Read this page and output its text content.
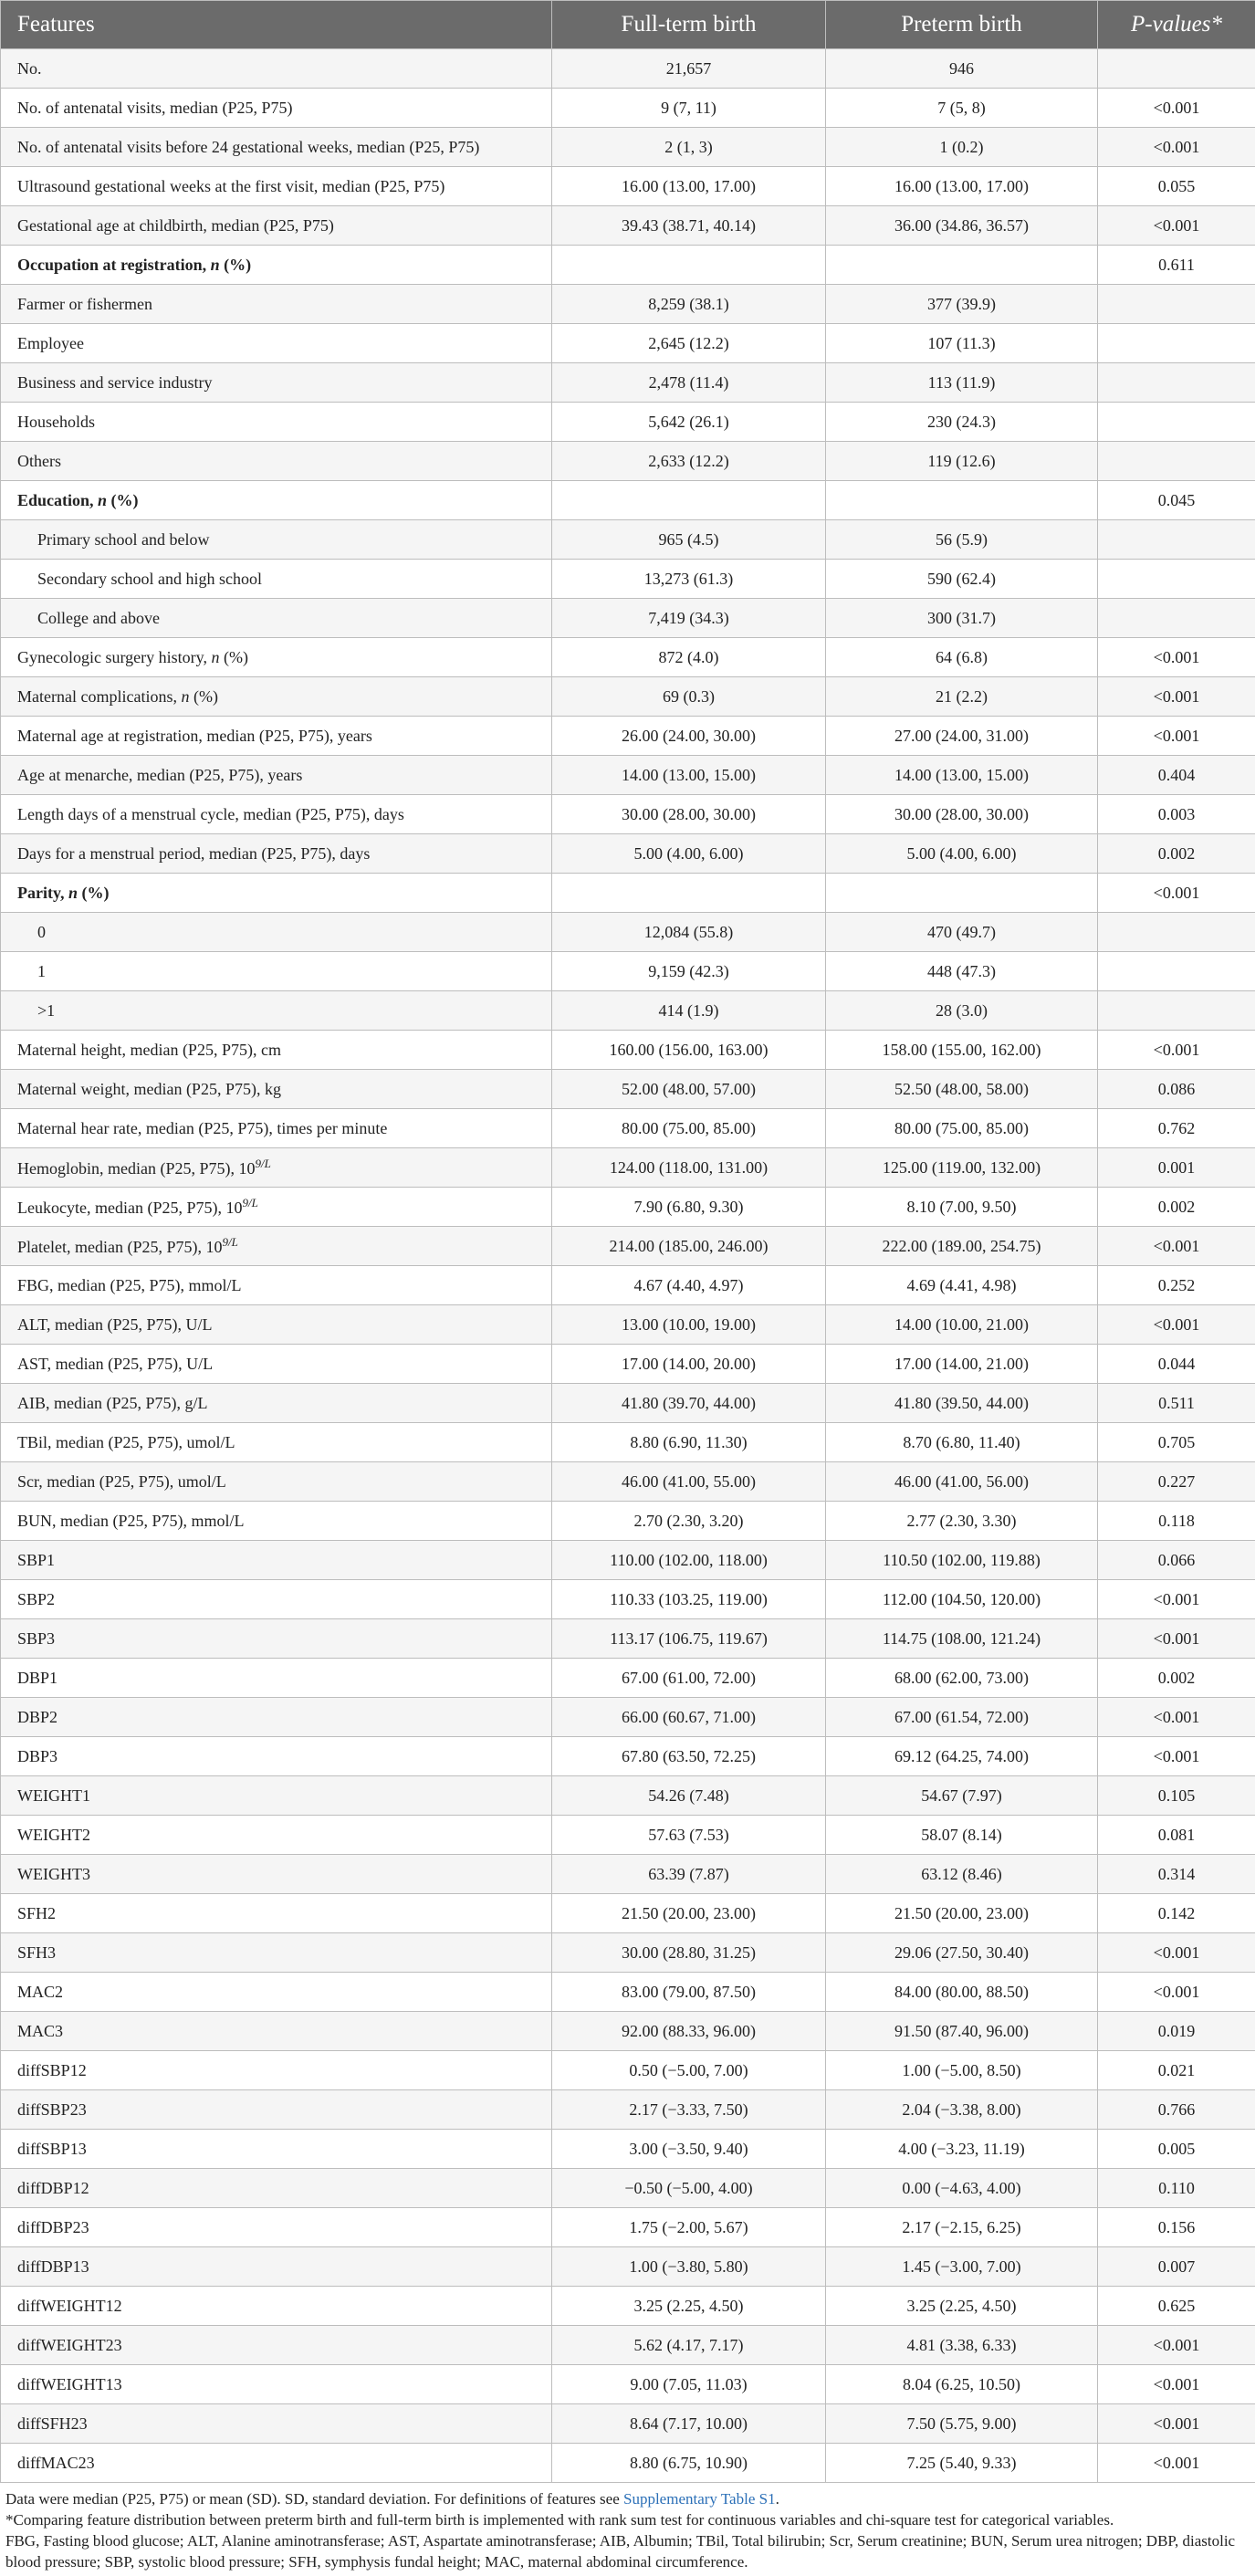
Features	Full-term birth	Preterm birth	P-values*
No.	21,657	946	
No. of antenatal visits, median (P25, P75)	9 (7, 11)	7 (5, 8)	<0.001
No. of antenatal visits before 24 gestational weeks, median (P25, P75)	2 (1, 3)	1 (0.2)	<0.001
Ultrasound gestational weeks at the first visit, median (P25, P75)	16.00 (13.00, 17.00)	16.00 (13.00, 17.00)	0.055
Gestational age at childbirth, median (P25, P75)	39.43 (38.71, 40.14)	36.00 (34.86, 36.57)	<0.001
Occupation at registration, n (%)			0.611
Farmer or fishermen	8,259 (38.1)	377 (39.9)	
Employee	2,645 (12.2)	107 (11.3)	
Business and service industry	2,478 (11.4)	113 (11.9)	
Households	5,642 (26.1)	230 (24.3)	
Others	2,633 (12.2)	119 (12.6)	
Education, n (%)			0.045
Primary school and below	965 (4.5)	56 (5.9)	
Secondary school and high school	13,273 (61.3)	590 (62.4)	
College and above	7,419 (34.3)	300 (31.7)	
Gynecologic surgery history, n (%)	872 (4.0)	64 (6.8)	<0.001
Maternal complications, n (%)	69 (0.3)	21 (2.2)	<0.001
Maternal age at registration, median (P25, P75), years	26.00 (24.00, 30.00)	27.00 (24.00, 31.00)	<0.001
Age at menarche, median (P25, P75), years	14.00 (13.00, 15.00)	14.00 (13.00, 15.00)	0.404
Length days of a menstrual cycle, median (P25, P75), days	30.00 (28.00, 30.00)	30.00 (28.00, 30.00)	0.003
Days for a menstrual period, median (P25, P75), days	5.00 (4.00, 6.00)	5.00 (4.00, 6.00)	0.002
Parity, n (%)			<0.001
0	12,084 (55.8)	470 (49.7)	
1	9,159 (42.3)	448 (47.3)	
>1	414 (1.9)	28 (3.0)	
Maternal height, median (P25, P75), cm	160.00 (156.00, 163.00)	158.00 (155.00, 162.00)	<0.001
Maternal weight, median (P25, P75), kg	52.00 (48.00, 57.00)	52.50 (48.00, 58.00)	0.086
Maternal hear rate, median (P25, P75), times per minute	80.00 (75.00, 85.00)	80.00 (75.00, 85.00)	0.762
Hemoglobin, median (P25, P75), $10^{9/L}$	124.00 (118.00, 131.00)	125.00 (119.00, 132.00)	0.001
Leukocyte, median (P25, P75), $10^{9/L}$	7.90 (6.80, 9.30)	8.10 (7.00, 9.50)	0.002
Platelet, median (P25, P75), $10^{9/L}$	214.00 (185.00, 246.00)	222.00 (189.00, 254.75)	<0.001
FBG, median (P25, P75), mmol/L	4.67 (4.40, 4.97)	4.69 (4.41, 4.98)	0.252
ALT, median (P25, P75), U/L	13.00 (10.00, 19.00)	14.00 (10.00, 21.00)	<0.001
AST, median (P25, P75), U/L	17.00 (14.00, 20.00)	17.00 (14.00, 21.00)	0.044
AIB, median (P25, P75), g/L	41.80 (39.70, 44.00)	41.80 (39.50, 44.00)	0.511
TBil, median (P25, P75), umol/L	8.80 (6.90, 11.30)	8.70 (6.80, 11.40)	0.705
Scr, median (P25, P75), umol/L	46.00 (41.00, 55.00)	46.00 (41.00, 56.00)	0.227
BUN, median (P25, P75), mmol/L	2.70 (2.30, 3.20)	2.77 (2.30, 3.30)	0.118
SBP1	110.00 (102.00, 118.00)	110.50 (102.00, 119.88)	0.066
SBP2	110.33 (103.25, 119.00)	112.00 (104.50, 120.00)	<0.001
SBP3	113.17 (106.75, 119.67)	114.75 (108.00, 121.24)	<0.001
DBP1	67.00 (61.00, 72.00)	68.00 (62.00, 73.00)	0.002
DBP2	66.00 (60.67, 71.00)	67.00 (61.54, 72.00)	<0.001
DBP3	67.80 (63.50, 72.25)	69.12 (64.25, 74.00)	<0.001
WEIGHT1	54.26 (7.48)	54.67 (7.97)	0.105
WEIGHT2	57.63 (7.53)	58.07 (8.14)	0.081
WEIGHT3	63.39 (7.87)	63.12 (8.46)	0.314
SFH2	21.50 (20.00, 23.00)	21.50 (20.00, 23.00)	0.142
SFH3	30.00 (28.80, 31.25)	29.06 (27.50, 30.40)	<0.001
MAC2	83.00 (79.00, 87.50)	84.00 (80.00, 88.50)	<0.001
MAC3	92.00 (88.33, 96.00)	91.50 (87.40, 96.00)	0.019
diffSBP12	0.50 (−5.00, 7.00)	1.00 (−5.00, 8.50)	0.021
diffSBP23	2.17 (−3.33, 7.50)	2.04 (−3.38, 8.00)	0.766
diffSBP13	3.00 (−3.50, 9.40)	4.00 (−3.23, 11.19)	0.005
diffDBP12	−0.50 (−5.00, 4.00)	0.00 (−4.63, 4.00)	0.110
diffDBP23	1.75 (−2.00, 5.67)	2.17 (−2.15, 6.25)	0.156
diffDBP13	1.00 (−3.80, 5.80)	1.45 (−3.00, 7.00)	0.007
diffWEIGHT12	3.25 (2.25, 4.50)	3.25 (2.25, 4.50)	0.625
diffWEIGHT23	5.62 (4.17, 7.17)	4.81 (3.38, 6.33)	<0.001
diffWEIGHT13	9.00 (7.05, 11.03)	8.04 (6.25, 10.50)	<0.001
diffSFH23	8.64 (7.17, 10.00)	7.50 (5.75, 9.00)	<0.001
diffMAC23	8.80 (6.75, 10.90)	7.25 (5.40, 9.33)	<0.001
Data were median (P25, P75) or mean (SD). SD, standard deviation. For definitions of features see Supplementary Table S1.
*Comparing feature distribution between preterm birth and full-term birth is implemented with rank sum test for continuous variables and chi-square test for categorical variables.
FBG, Fasting blood glucose; ALT, Alanine aminotransferase; AST, Aspartate aminotransferase; AIB, Albumin; TBil, Total bilirubin; Scr, Serum creatinine; BUN, Serum urea nitrogen; DBP, diastolic blood pressure; SBP, systolic blood pressure; SFH, symphysis fundal height; MAC, maternal abdominal circumference.
